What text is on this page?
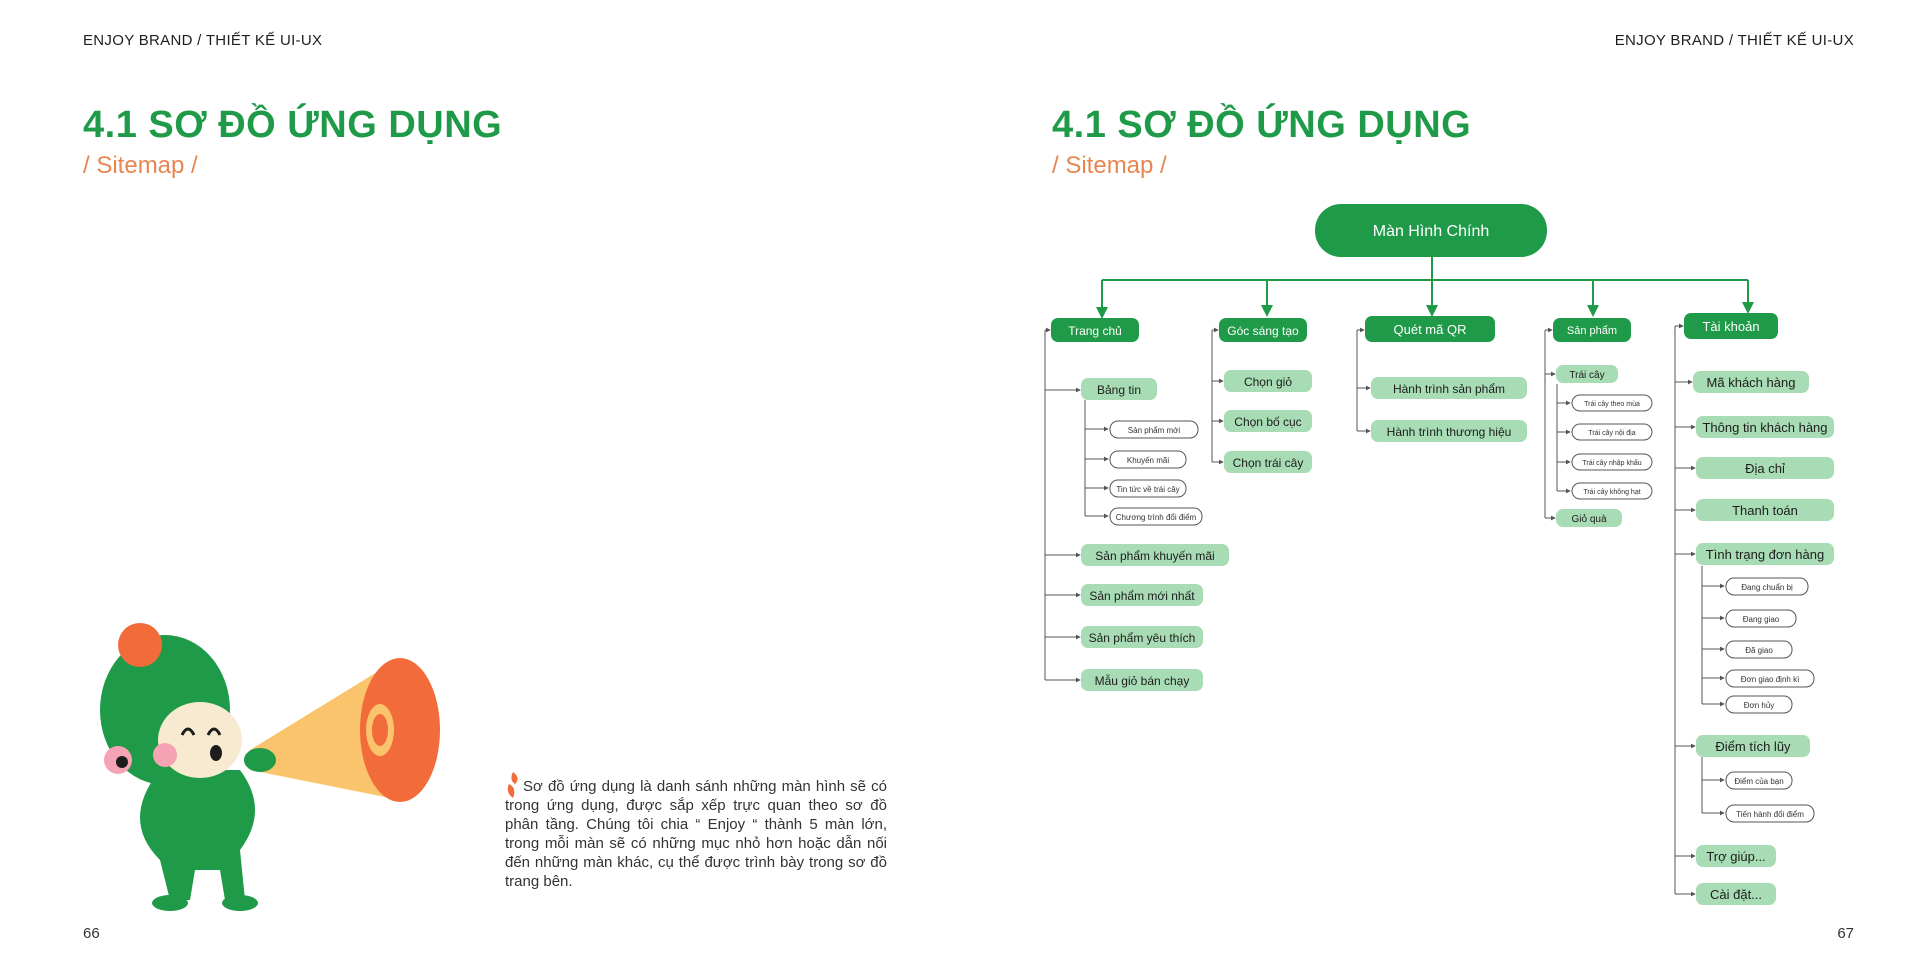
ENJOY BRAND / THIẾT KẾ UI-UX
4.1 SƠ ĐỒ ỨNG DỤNG
/ Sitemap /
Sơ đồ ứng dụng là danh sánh những màn hình sẽ có trong ứng dụng, được sắp xếp trực quan theo sơ đồ phân tầng. Chúng tôi chia “ Enjoy “ thành 5 màn lớn, trong mỗi màn sẽ có những mục nhỏ hơn hoặc dẫn nối đến những màn khác, cụ thể được trình bày trong sơ đồ trang bên.
66
ENJOY BRAND / THIẾT KẾ UI-UX
4.1 SƠ ĐỒ ỨNG DỤNG
/ Sitemap /
67
Màn Hình Chính
Trang chủ
Bảng tin
Sản phẩm mới
Khuyến mãi
Tin tức về trái cây
Chương trình đổi điểm
Sản phẩm khuyến mãi
Sản phẩm mới nhất
Sản phẩm yêu thích
Mẫu giỏ bán chạy
Góc sáng tạo
Chọn giỏ
Chọn bố cục
Chọn trái cây
Quét mã QR
Hành trình sản phẩm
Hành trình thương hiệu
Sản phẩm
Trái cây
Trái cây theo mùa
Trái cây nội địa
Trái cây nhập khẩu
Trái cây không hạt
Giỏ quà
Tài khoản
Mã khách hàng
Thông tin khách hàng
Địa chỉ
Thanh toán
Tình trạng đơn hàng
Đang chuẩn bị
Đang giao
Đã giao
Đơn giao định kì
Đơn hủy
Điểm tích lũy
Điểm của bạn
Tiến hành đổi điểm
Trợ giúp...
Cài đặt...
